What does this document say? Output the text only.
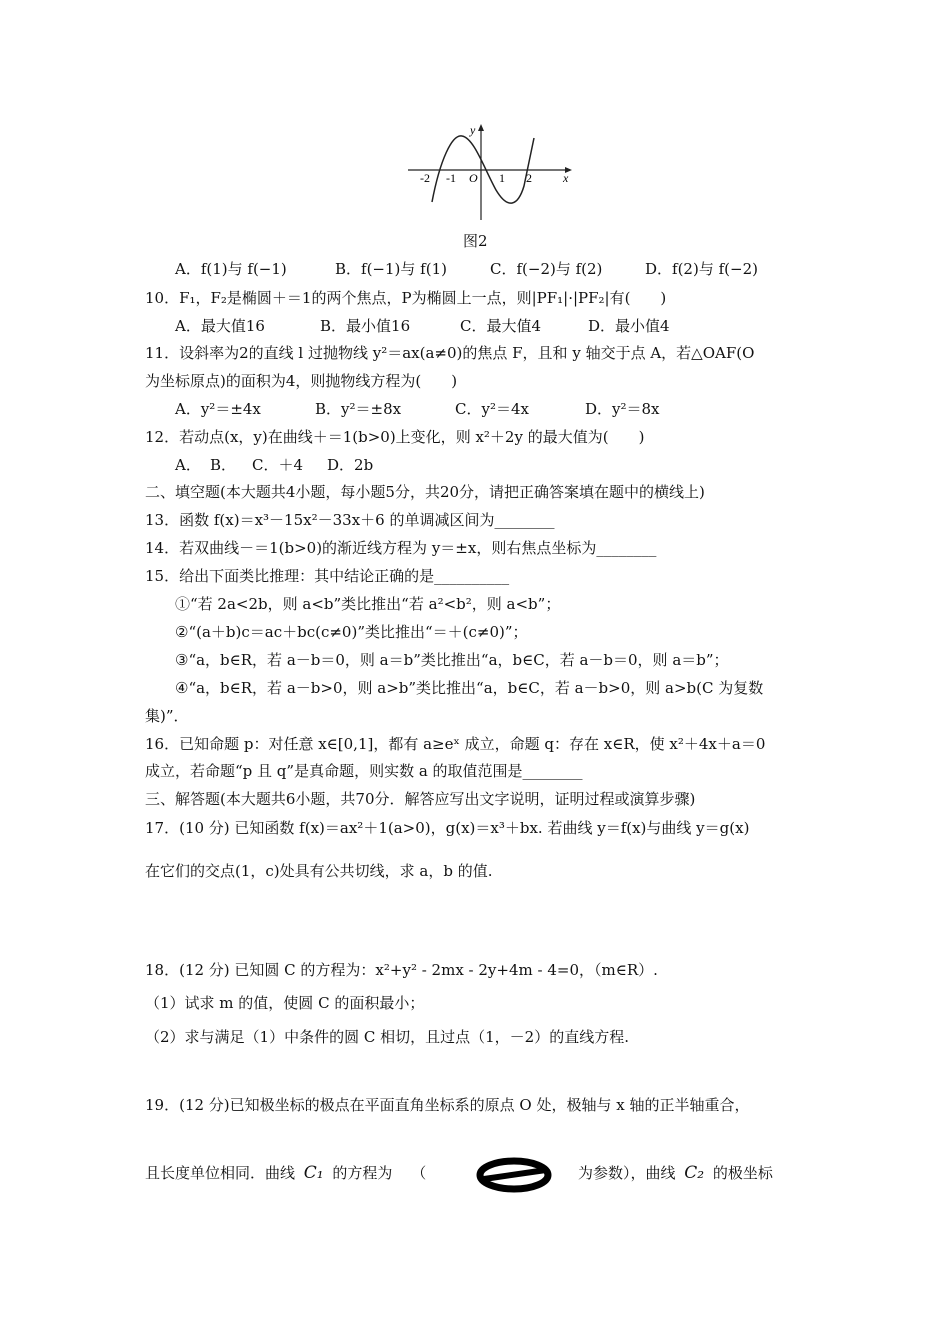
y
x
O
-2 -1	1 2
图2
A．f(1)与 f(−1)	B．f(−1)与 f(1)	C．f(−2)与 f(2)	D．f(2)与 f(−2)
10．F₁，F₂是椭圆＋＝1的两个焦点，P为椭圆上一点，则|PF₁|·|PF₂|有(　　)
A．最大值16	B．最小值16	C．最大值4	D．最小值4
11．设斜率为2的直线 l 过抛物线 y²＝ax(a≠0)的焦点 F，且和 y 轴交于点 A，若△OAF(O
为坐标原点)的面积为4，则抛物线方程为(　　)
A．y²＝±4x	B．y²＝±8x	C．y²＝4x	D．y²＝8x
12．若动点(x，y)在曲线＋＝1(b>0)上变化，则 x²＋2y 的最大值为(　　)
A． B． C．＋4 D．2b
二、填空题(本大题共4小题，每小题5分，共20分，请把正确答案填在题中的横线上)
13．函数 f(x)＝x³－15x²－33x＋6 的单调减区间为________
14．若双曲线－＝1(b>0)的渐近线方程为 y＝±x，则右焦点坐标为________
15．给出下面类比推理：其中结论正确的是__________
①“若 2a<2b，则 a<b”类比推出“若 a²<b²，则 a<b”；
②“(a＋b)c＝ac＋bc(c≠0)”类比推出“＝＋(c≠0)”；
③“a，b∈R，若 a－b＝0，则 a＝b”类比推出“a，b∈C，若 a－b＝0，则 a＝b”；
④“a，b∈R，若 a－b>0，则 a>b”类比推出“a，b∈C，若 a－b>0，则 a>b(C 为复数
集)”．
16．已知命题 p：对任意 x∈[0,1]，都有 a≥eˣ 成立，命题 q：存在 x∈R，使 x²＋4x＋a＝0
成立，若命题“p 且 q”是真命题，则实数 a 的取值范围是________
三、解答题(本大题共6小题，共70分．解答应写出文字说明，证明过程或演算步骤)
17．(10 分) 已知函数 f(x)＝ax²＋1(a>0)，g(x)＝x³＋bx. 若曲线 y＝f(x)与曲线 y＝g(x)
在它们的交点(1，c)处具有公共切线，求 a，b 的值.
18．(12 分) 已知圆 C 的方程为：x²+y² - 2mx - 2y+4m - 4=0，（m∈R）.
（1）试求 m 的值，使圆 C 的面积最小；
（2）求与满足（1）中条件的圆 C 相切，且过点（1，－2）的直线方程.
19．(12 分)已知极坐标的极点在平面直角坐标系的原点 O 处，极轴与 x 轴的正半轴重合，
且长度单位相同．曲线 C₁ 的方程为 （	为参数），曲线 C₂ 的极坐标
